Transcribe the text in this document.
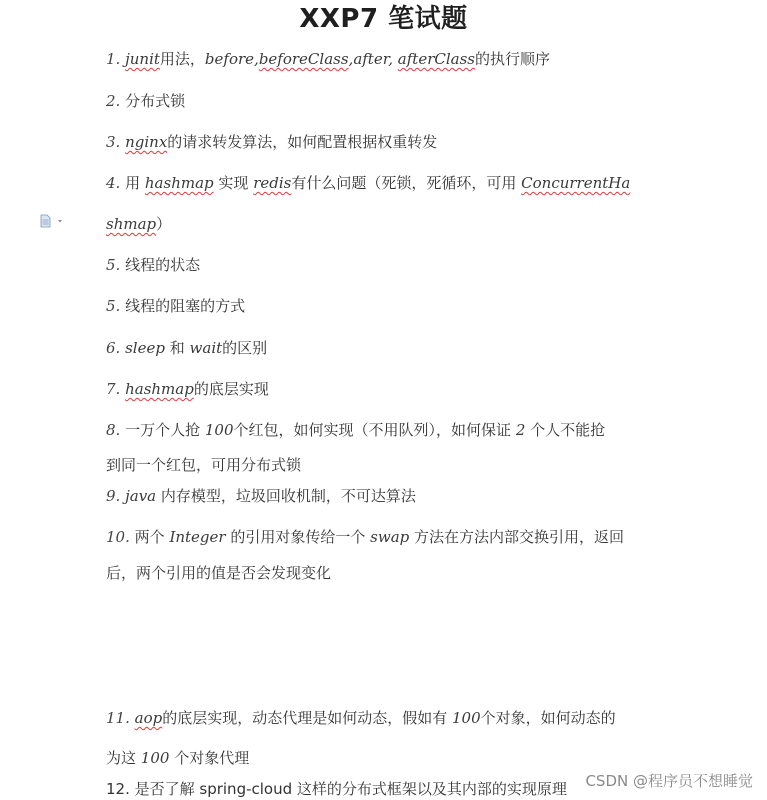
XXP7 笔试题
1. junit用法，before,beforeClass,after, afterClass的执行顺序
2. 分布式锁
3. nginx的请求转发算法，如何配置根据权重转发
4. 用 hashmap 实现 redis有什么问题（死锁，死循环，可用 ConcurrentHa
shmap）
5. 线程的状态
5. 线程的阻塞的方式
6. sleep 和 wait的区别
7. hashmap的底层实现
8. 一万个人抢 100个红包，如何实现（不用队列），如何保证 2 个人不能抢
到同一个红包，可用分布式锁
9. java 内存模型，垃圾回收机制，不可达算法
10. 两个 Integer 的引用对象传给一个 swap 方法在方法内部交换引用，返回
后，两个引用的值是否会发现变化
11. aop的底层实现，动态代理是如何动态，假如有 100个对象，如何动态的
为这 100 个对象代理
12. 是否了解 spring-cloud 这样的分布式框架以及其内部的实现原理	CSDN @程序员不想睡觉
